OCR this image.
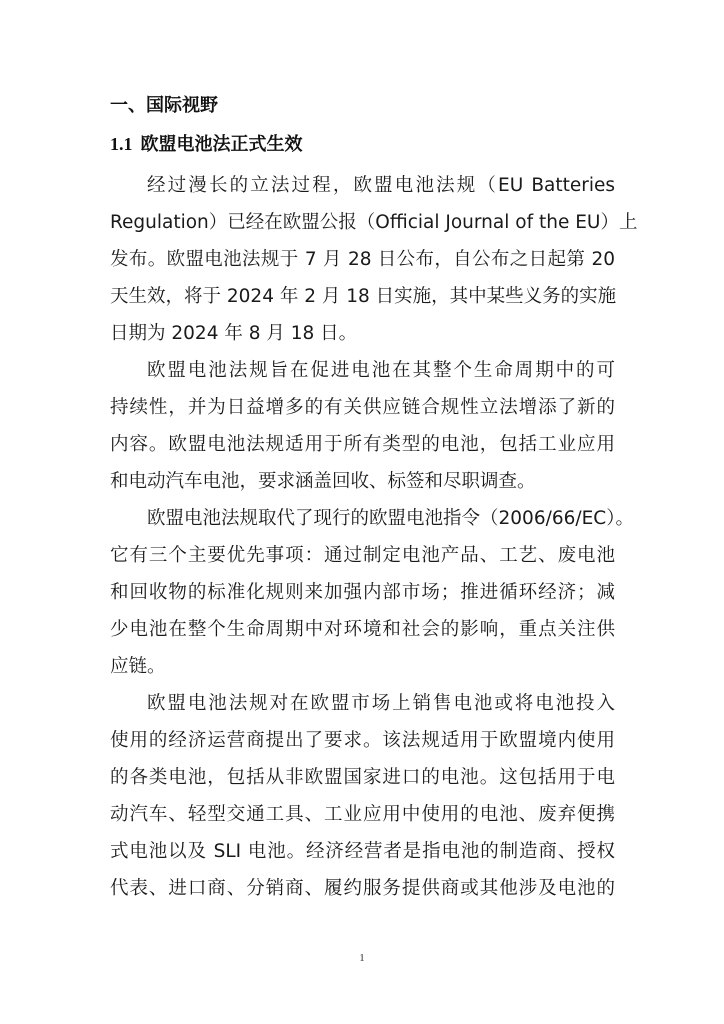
一、国际视野
1.1 欧盟电池法正式生效
经过漫长的立法过程，欧盟电池法规（EU Batteries
Regulation）已经在欧盟公报（Official Journal of the EU）上
发布。欧盟电池法规于 7 月 28 日公布，自公布之日起第 20
天生效，将于 2024 年 2 月 18 日实施，其中某些义务的实施
日期为 2024 年 8 月 18 日。
欧盟电池法规旨在促进电池在其整个生命周期中的可
持续性，并为日益增多的有关供应链合规性立法增添了新的
内容。欧盟电池法规适用于所有类型的电池，包括工业应用
和电动汽车电池，要求涵盖回收、标签和尽职调查。
欧盟电池法规取代了现行的欧盟电池指令（2006/66/EC）。
它有三个主要优先事项：通过制定电池产品、工艺、废电池
和回收物的标准化规则来加强内部市场；推进循环经济；减
少电池在整个生命周期中对环境和社会的影响，重点关注供
应链。
欧盟电池法规对在欧盟市场上销售电池或将电池投入
使用的经济运营商提出了要求。该法规适用于欧盟境内使用
的各类电池，包括从非欧盟国家进口的电池。这包括用于电
动汽车、轻型交通工具、工业应用中使用的电池、废弃便携
式电池以及 SLI 电池。经济经营者是指电池的制造商、授权
代表、进口商、分销商、履约服务提供商或其他涉及电池的
1
